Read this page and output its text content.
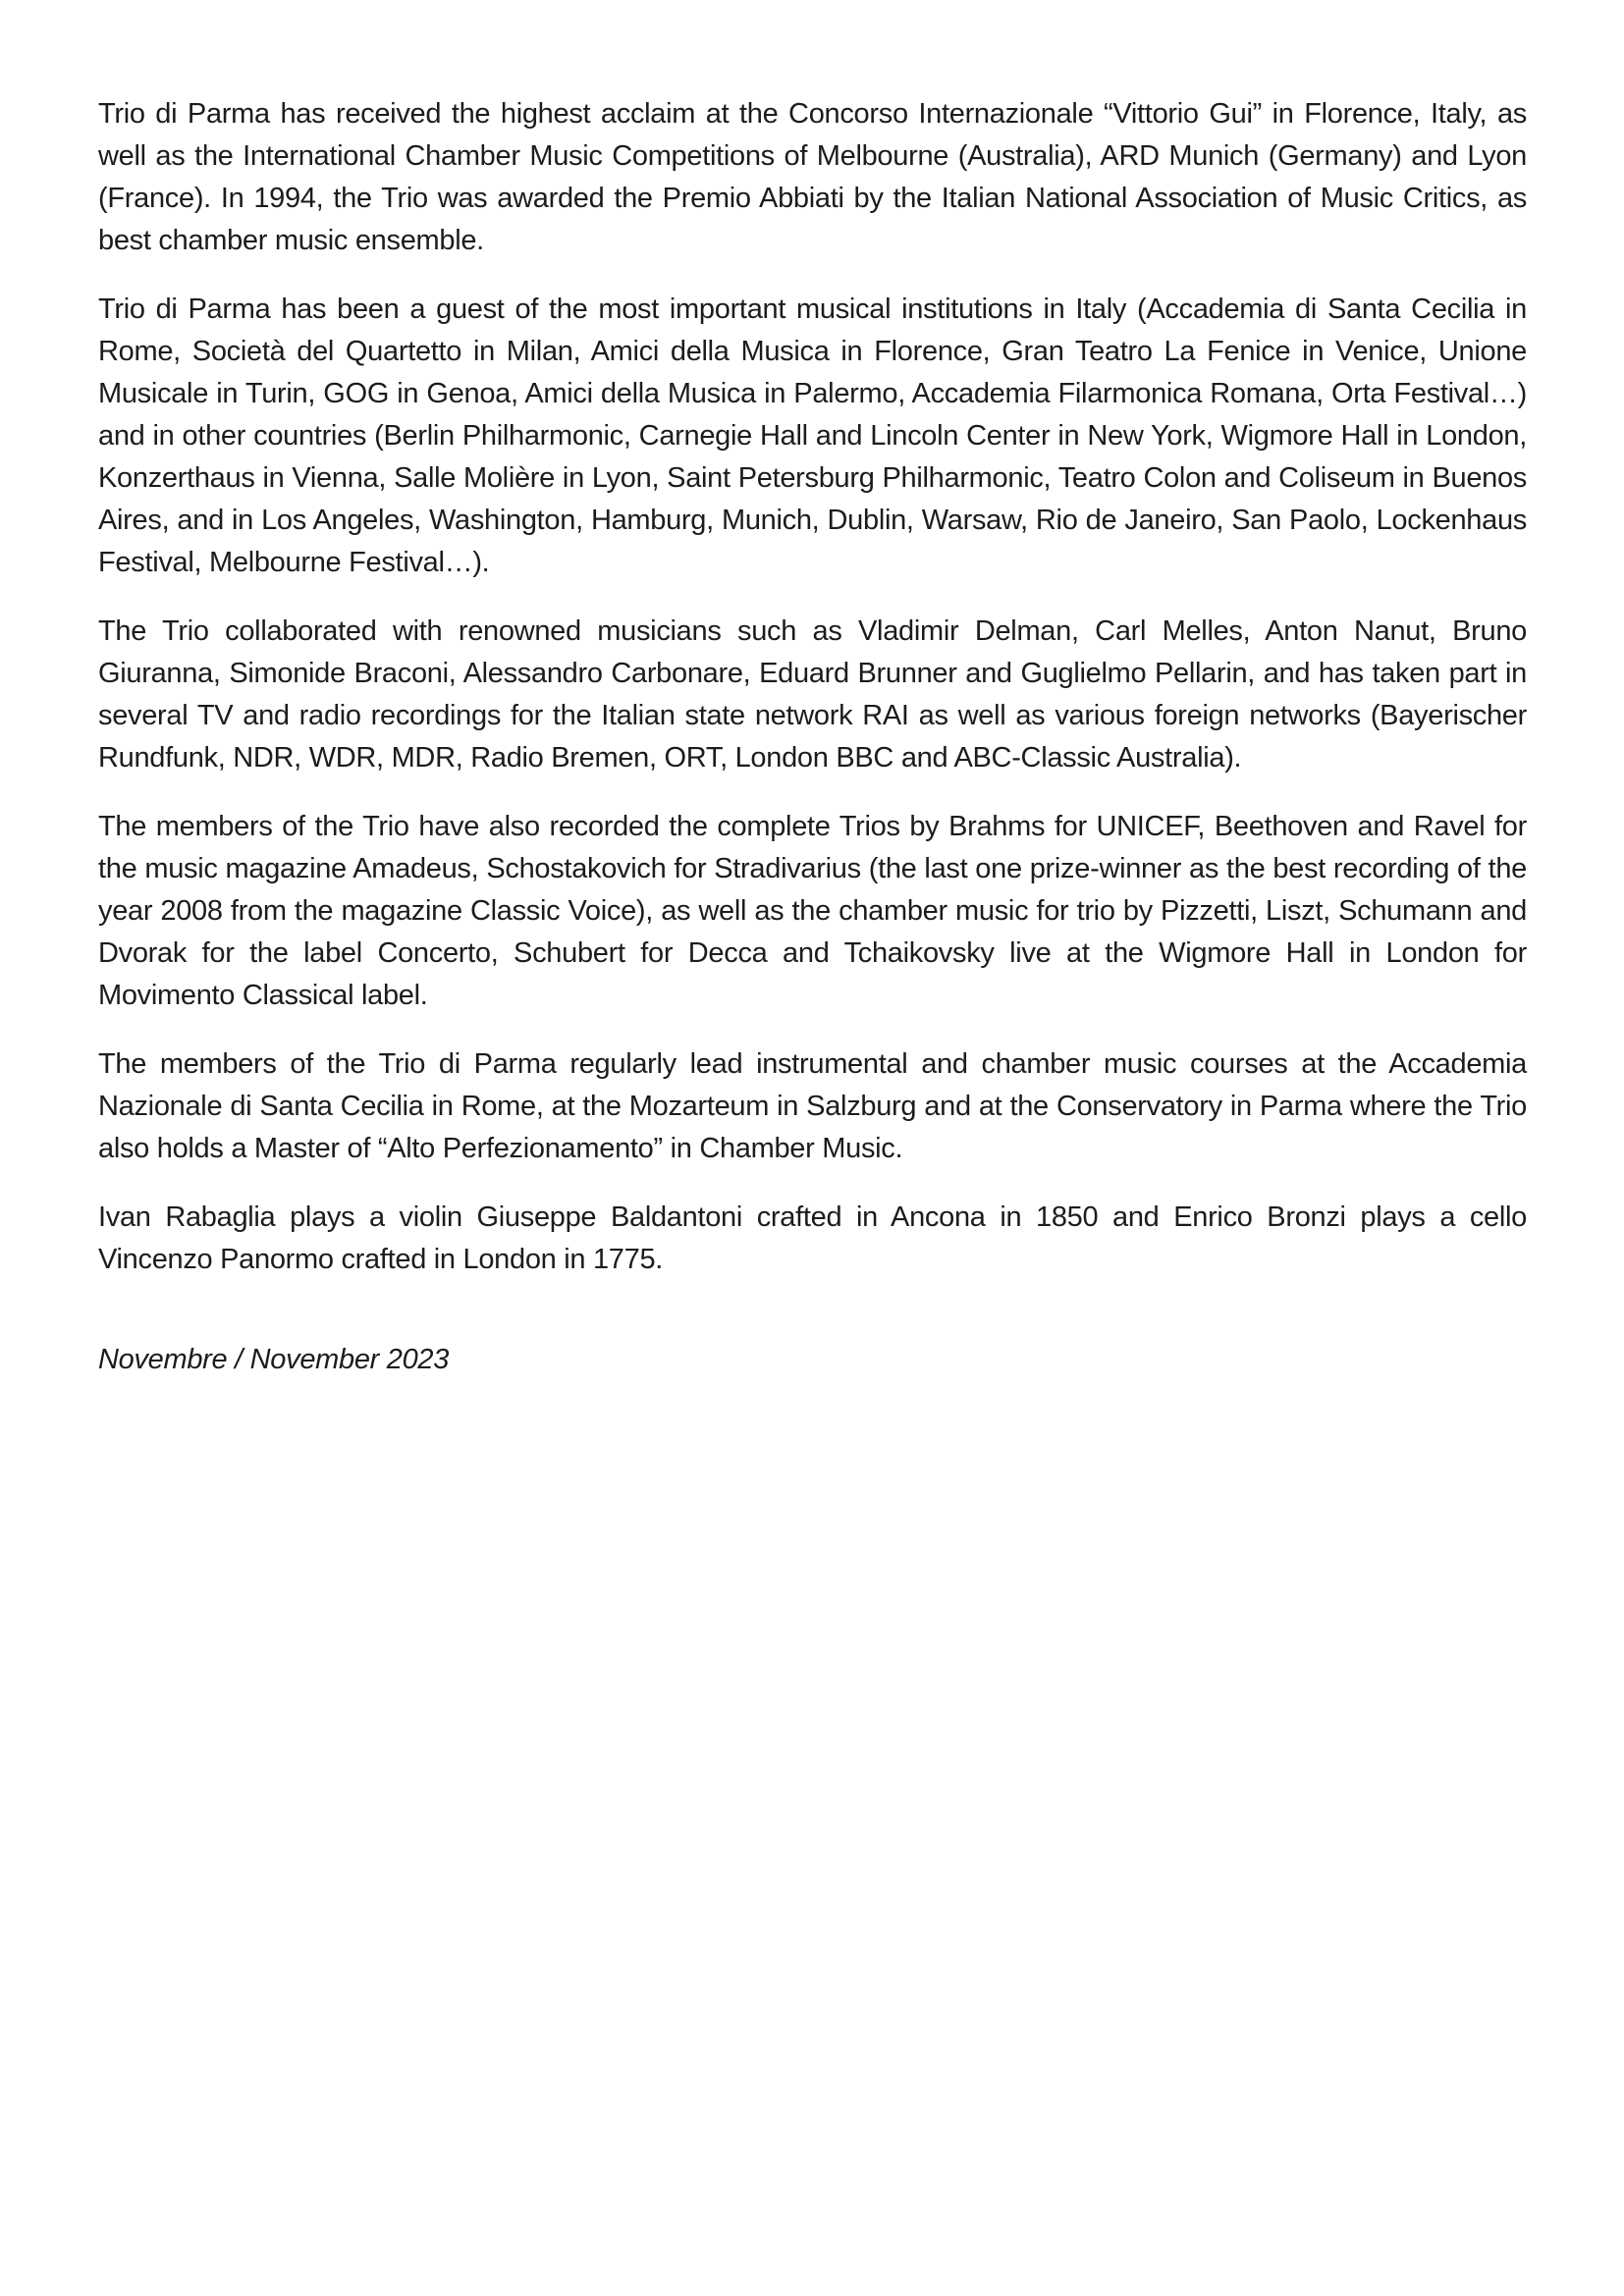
Trio di Parma has received the highest acclaim at the Concorso Internazionale “Vittorio Gui” in Florence, Italy, as well as the International Chamber Music Competitions of Melbourne (Australia), ARD Munich (Germany) and Lyon (France). In 1994, the Trio was awarded the Premio Abbiati by the Italian National Association of Music Critics, as best chamber music ensemble.

Trio di Parma has been a guest of the most important musical institutions in Italy (Accademia di Santa Cecilia in Rome, Società del Quartetto in Milan, Amici della Musica in Florence, Gran Teatro La Fenice in Venice, Unione Musicale in Turin, GOG in Genoa, Amici della Musica in Palermo, Accademia Filarmonica Romana, Orta Festival…) and in other countries (Berlin Philharmonic, Carnegie Hall and Lincoln Center in New York, Wigmore Hall in London, Konzerthaus in Vienna, Salle Molière in Lyon, Saint Petersburg Philharmonic, Teatro Colon and Coliseum in Buenos Aires, and in Los Angeles, Washington, Hamburg, Munich, Dublin, Warsaw, Rio de Janeiro, San Paolo, Lockenhaus Festival, Melbourne Festival…).

The Trio collaborated with renowned musicians such as Vladimir Delman, Carl Melles, Anton Nanut, Bruno Giuranna, Simonide Braconi, Alessandro Carbonare, Eduard Brunner and Guglielmo Pellarin, and has taken part in several TV and radio recordings for the Italian state network RAI as well as various foreign networks (Bayerischer Rundfunk, NDR, WDR, MDR, Radio Bremen, ORT, London BBC and ABC-Classic Australia).

The members of the Trio have also recorded the complete Trios by Brahms for UNICEF, Beethoven and Ravel for the music magazine Amadeus, Schostakovich for Stradivarius (the last one prize-winner as the best recording of the year 2008 from the magazine Classic Voice), as well as the chamber music for trio by Pizzetti, Liszt, Schumann and Dvorak for the label Concerto, Schubert for Decca and Tchaikovsky live at the Wigmore Hall in London for Movimento Classical label.

The members of the Trio di Parma regularly lead instrumental and chamber music courses at the Accademia Nazionale di Santa Cecilia in Rome, at the Mozarteum in Salzburg and at the Conservatory in Parma where the Trio also holds a Master of “Alto Perfezionamento” in Chamber Music.

Ivan Rabaglia plays a violin Giuseppe Baldantoni crafted in Ancona in 1850 and Enrico Bronzi plays a cello Vincenzo Panormo crafted in London in 1775.

Novembre / November 2023
